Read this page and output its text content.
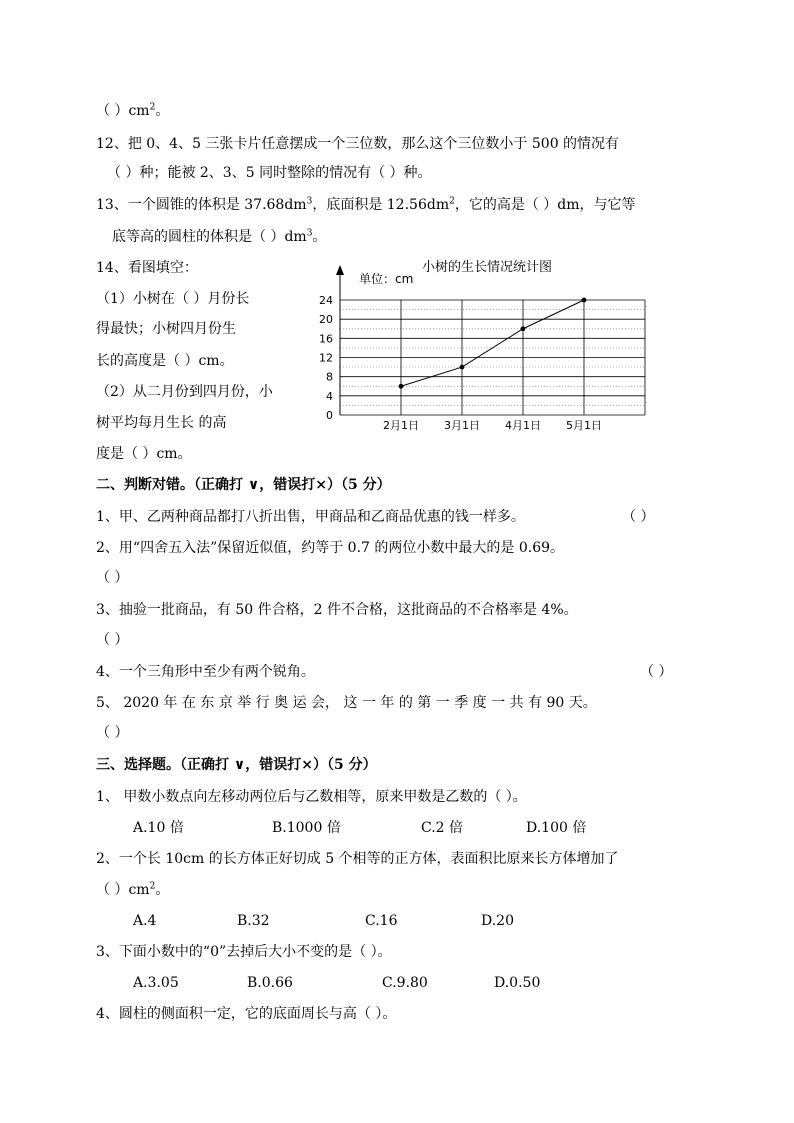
（ ）$cm^2$。
12、把 0、4、5 三张卡片任意摆成一个三位数，那么这个三位数小于 500 的情况有
（ ）种；能被 2、3、5 同时整除的情况有（ ）种。
13、一个圆锥的体积是 $37.68dm^3$，底面积是 $12.56dm^2$，它的高是（ ）dm，与它等
底等高的圆柱的体积是（ ）$dm^3$。
14、看图填空：
（1）小树在（ ）月份长
得最快；小树四月份生
长的高度是（ ）cm。
（2）从二月份到四月份，小
树平均每月生长 的高
度是（ ）cm。
小树的生长情况统计图
单位：cm
0
4
8
12
16
20
24
2月1日 3月1日 4月1日 5月1日
二、判断对错。（正确打 ∨，错误打×）（5 分）
1、甲、乙两种商品都打八折出售，甲商品和乙商品优惠的钱一样多。	（ ）
2、用“四舍五入法”保留近似值，约等于 0.7 的两位小数中最大的是 0.69。
（ ）
3、抽验一批商品，有 50 件合格，2 件不合格，这批商品的不合格率是 4%。
（ ）
4、一个三角形中至少有两个锐角。	（ ）
5、 2020 年 在 东 京 举 行 奥 运 会， 这 一 年 的 第 一 季 度 一 共 有 90 天。
（ ）
三、选择题。（正确打 ∨，错误打×）（5 分）
1、 甲数小数点向左移动两位后与乙数相等，原来甲数是乙数的（ ）。
A.10 倍	B.1000 倍	C.2 倍	D.100 倍
2、一个长 10cm 的长方体正好切成 5 个相等的正方体，表面积比原来长方体增加了
（ ）$cm^2$。
A.4	B.32	C.16	D.20
3、下面小数中的“0”去掉后大小不变的是（ ）。
A.3.05	B.0.66	C.9.80	D.0.50
4、圆柱的侧面积一定，它的底面周长与高（ ）。
